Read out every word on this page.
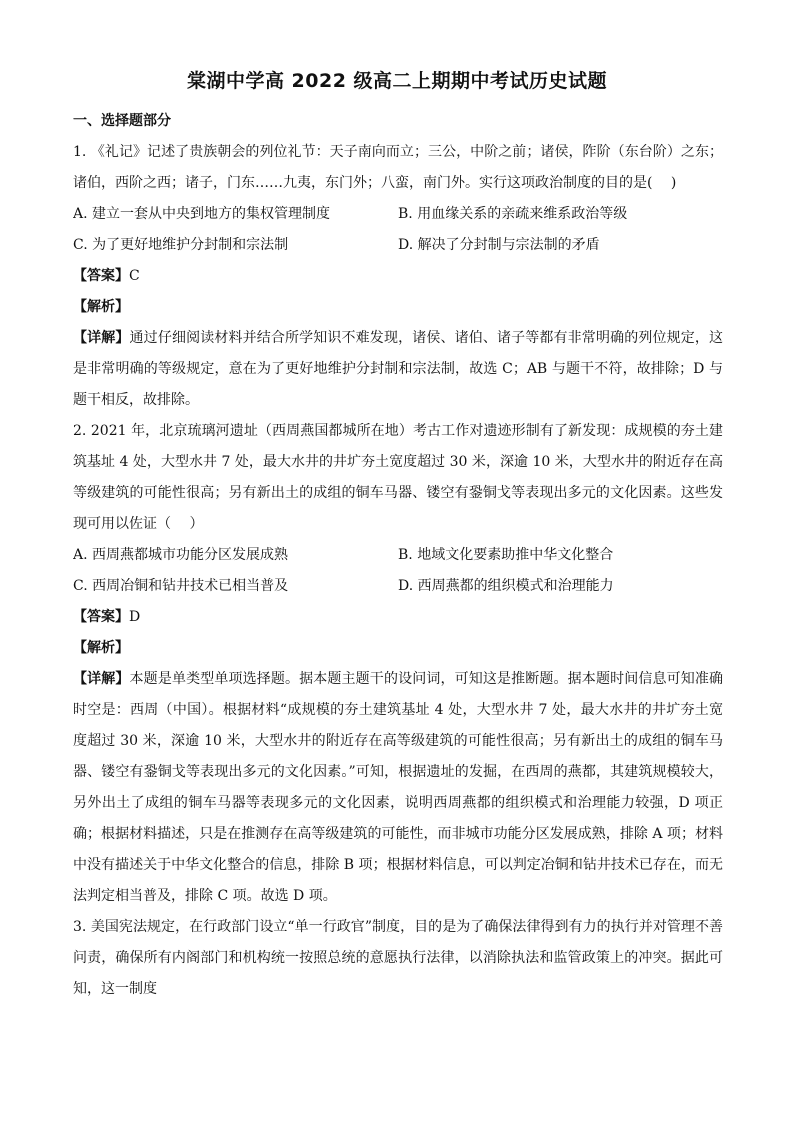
棠湖中学高 2022 级高二上期期中考试历史试题
一、选择题部分
1. 《礼记》记述了贵族朝会的列位礼节：天子南向而立；三公，中阶之前；诸侯，阼阶（东台阶）之东；诸伯，西阶之西；诸子，门东……九夷，东门外；八蛮，南门外。实行这项政治制度的目的是(　 )
A. 建立一套从中央到地方的集权管理制度	B. 用血缘关系的亲疏来维系政治等级
C. 为了更好地维护分封制和宗法制	D. 解决了分封制与宗法制的矛盾
【答案】C
【解析】
【详解】通过仔细阅读材料并结合所学知识不难发现，诸侯、诸伯、诸子等都有非常明确的列位规定，这是非常明确的等级规定，意在为了更好地维护分封制和宗法制，故选 C；AB 与题干不符，故排除；D 与题干相反，故排除。
2. 2021 年，北京琉璃河遗址（西周燕国都城所在地）考古工作对遗迹形制有了新发现：成规模的夯土建筑基址 4 处，大型水井 7 处，最大水井的井圹夯土宽度超过 30 米，深逾 10 米，大型水井的附近存在高等级建筑的可能性很高；另有新出土的成组的铜车马器、镂空有銎铜戈等表现出多元的文化因素。这些发现可用以佐证（　 ）
A. 西周燕都城市功能分区发展成熟	B. 地域文化要素助推中华文化整合
C. 西周冶铜和钻井技术已相当普及	D. 西周燕都的组织模式和治理能力
【答案】D
【解析】
【详解】本题是单类型单项选择题。据本题主题干的设问词，可知这是推断题。据本题时间信息可知准确时空是：西周（中国）。根据材料“成规模的夯土建筑基址 4 处，大型水井 7 处，最大水井的井圹夯土宽度超过 30 米，深逾 10 米，大型水井的附近存在高等级建筑的可能性很高；另有新出土的成组的铜车马器、镂空有銎铜戈等表现出多元的文化因素。”可知，根据遗址的发掘，在西周的燕都，其建筑规模较大，另外出土了成组的铜车马器等表现多元的文化因素，说明西周燕都的组织模式和治理能力较强，D 项正确；根据材料描述，只是在推测存在高等级建筑的可能性，而非城市功能分区发展成熟，排除 A 项；材料中没有描述关于中华文化整合的信息，排除 B 项；根据材料信息，可以判定冶铜和钻井技术已存在，而无法判定相当普及，排除 C 项。故选 D 项。
3. 美国宪法规定，在行政部门设立“单一行政官”制度，目的是为了确保法律得到有力的执行并对管理不善问责，确保所有内阁部门和机构统一按照总统的意愿执行法律，以消除执法和监管政策上的冲突。据此可知，这一制度
